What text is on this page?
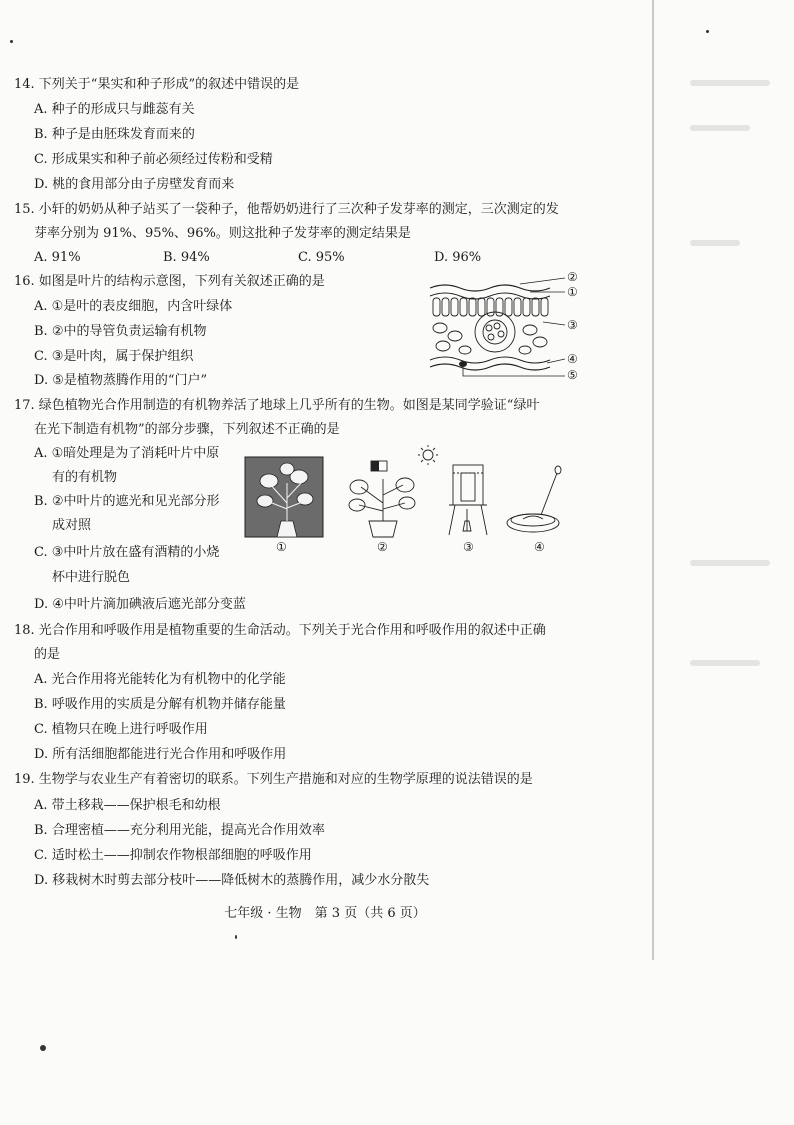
14. 下列关于“果实和种子形成”的叙述中错误的是
A. 种子的形成只与雌蕊有关
B. 种子是由胚珠发育而来的
C. 形成果实和种子前必须经过传粉和受精
D. 桃的食用部分由子房壁发育而来
15. 小轩的奶奶从种子站买了一袋种子，他帮奶奶进行了三次种子发芽率的测定，三次测定的发
芽率分别为 91%、95%、96%。则这批种子发芽率的测定结果是
A. 91%	B. 94%	C. 95%	D. 96%
16. 如图是叶片的结构示意图，下列有关叙述正确的是
A. ①是叶的表皮细胞，内含叶绿体
B. ②中的导管负责运输有机物
C. ③是叶肉，属于保护组织
D. ⑤是植物蒸腾作用的“门户”
②
①
③
④
⑤
17. 绿色植物光合作用制造的有机物养活了地球上几乎所有的生物。如图是某同学验证“绿叶
在光下制造有机物”的部分步骤，下列叙述不正确的是
A. ①暗处理是为了消耗叶片中原
有的有机物
B. ②中叶片的遮光和见光部分形
成对照
C. ③中叶片放在盛有酒精的小烧
杯中进行脱色
D. ④中叶片滴加碘液后遮光部分变蓝
①	②	③	④
18. 光合作用和呼吸作用是植物重要的生命活动。下列关于光合作用和呼吸作用的叙述中正确
的是
A. 光合作用将光能转化为有机物中的化学能
B. 呼吸作用的实质是分解有机物并储存能量
C. 植物只在晚上进行呼吸作用
D. 所有活细胞都能进行光合作用和呼吸作用
19. 生物学与农业生产有着密切的联系。下列生产措施和对应的生物学原理的说法错误的是
A. 带土移栽——保护根毛和幼根
B. 合理密植——充分利用光能，提高光合作用效率
C. 适时松土——抑制农作物根部细胞的呼吸作用
D. 移栽树木时剪去部分枝叶——降低树木的蒸腾作用，减少水分散失
七年级 · 生物　第 3 页（共 6 页）
